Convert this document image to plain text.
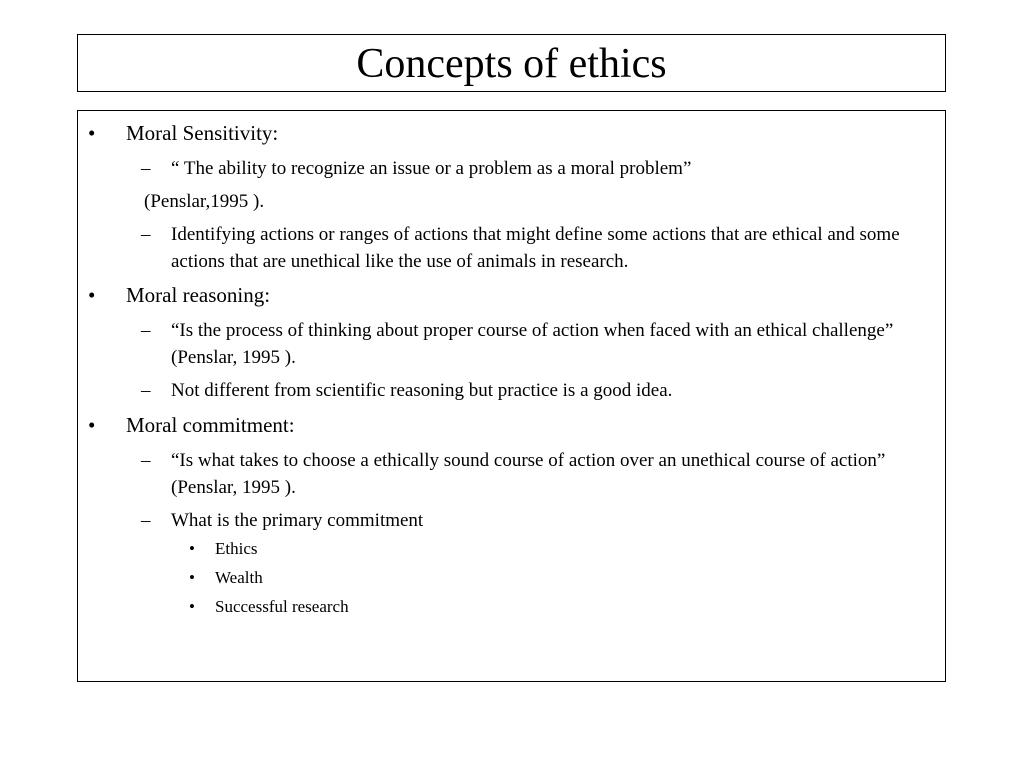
Concepts of ethics
• Moral Sensitivity:
– “ The ability to recognize an issue or a problem as a moral problem”
(Penslar,1995 ).
– Identifying actions or ranges of actions that might define some actions that are ethical and some actions that are unethical like the use of animals in research.
• Moral reasoning:
– “Is the process of thinking about proper course of action when faced with an ethical challenge” (Penslar, 1995 ).
– Not different from scientific reasoning but practice is a good idea.
• Moral commitment:
– “Is what takes to choose a ethically sound course of action over an unethical course of action” (Penslar, 1995 ).
– What is the primary commitment
• Ethics
• Wealth
• Successful research
